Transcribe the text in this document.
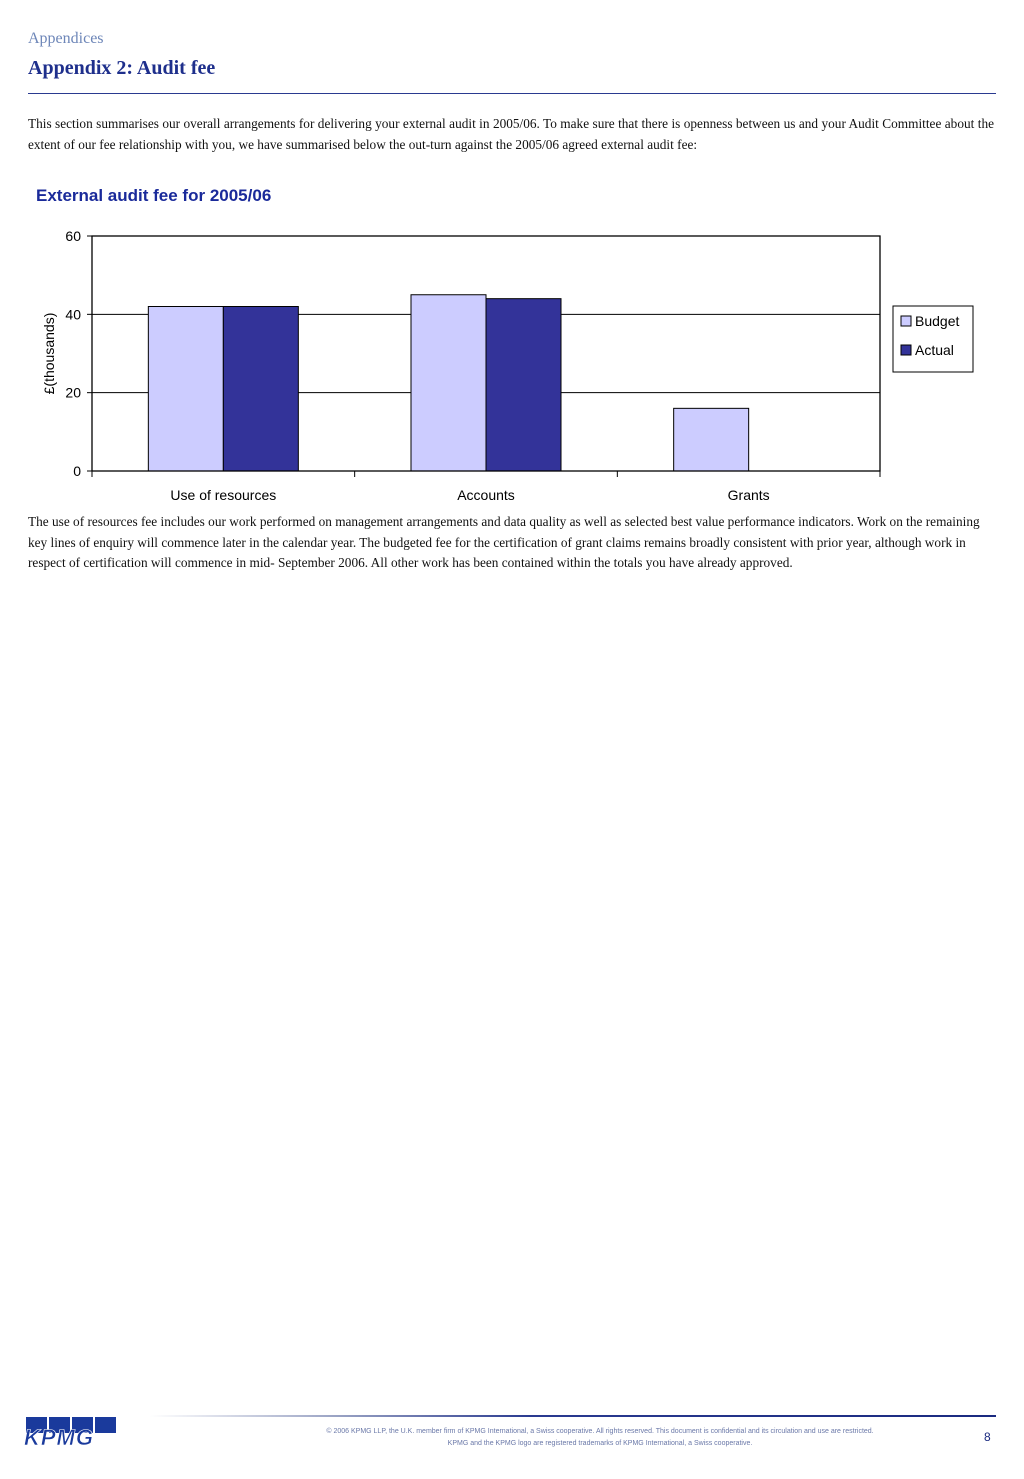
Appendices
Appendix 2: Audit fee
This section summarises our overall arrangements for delivering your external audit in 2005/06. To make sure that there is openness between us and your Audit Committee about the extent of our fee relationship with you, we have summarised below the out-turn against the 2005/06 agreed external audit fee:
External audit fee for 2005/06
0
20
40
60
£(thousands)
Use of resources	Accounts	Grants
Budget
Actual
The use of resources fee includes our work performed on management arrangements and data quality as well as selected best value performance indicators. Work on the remaining key lines of enquiry will commence later in the calendar year. The budgeted fee for the certification of grant claims remains broadly consistent with prior year, although work in respect of certification will commence in mid- September 2006. All other work has been contained within the totals you have already approved.
KPMG	© 2006 KPMG LLP, the U.K. member firm of KPMG International, a Swiss cooperative. All rights reserved. This document is confidential and its circulation and use are restricted.
KPMG and the KPMG logo are registered trademarks of KPMG International, a Swiss cooperative.	8
